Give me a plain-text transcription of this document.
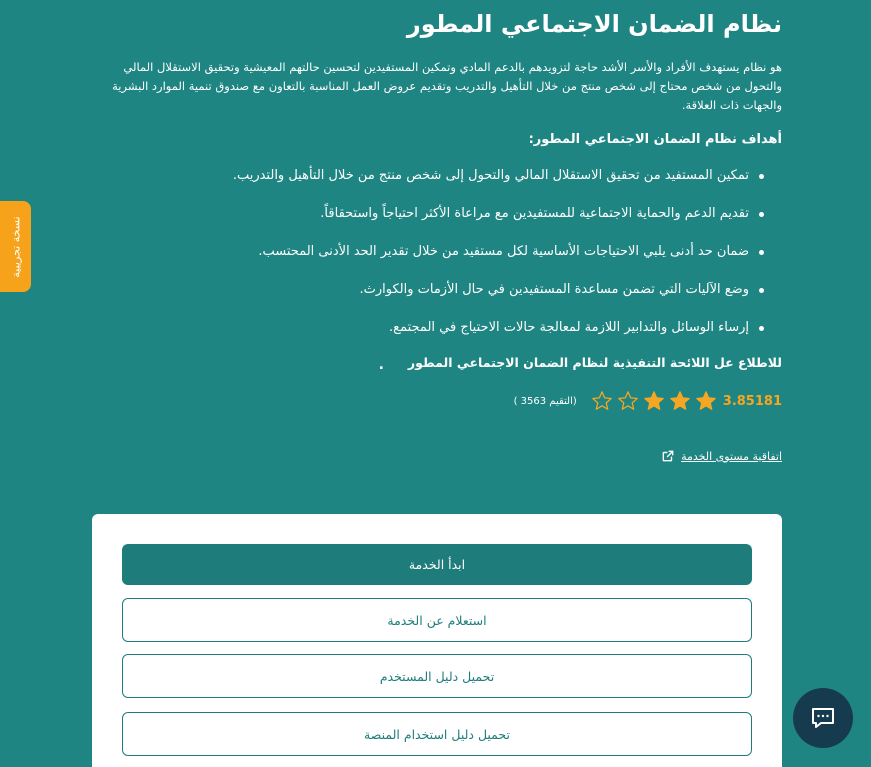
نسخة تجريبية
نظام الضمان الاجتماعي المطور

هو نظام يستهدف الأفراد والأسر الأشد حاجة لتزويدهم بالدعم المادي وتمكين المستفيدين لتحسين حالتهم المعيشية وتحقيق الاستقلال المالي والتحول من شخص محتاج إلى شخص منتج من خلال التأهيل والتدريب وتقديم عروض العمل المناسبة بالتعاون مع صندوق تنمية الموارد البشرية والجهات ذات العلاقة.

أهداف نظام الضمان الاجتماعي المطور:
تمكين المستفيد من تحقيق الاستقلال المالي والتحول إلى شخص منتج من خلال التأهيل والتدريب.
تقديم الدعم والحماية الاجتماعية للمستفيدين مع مراعاة الأكثر احتياجاً واستحقاقاً.
ضمان حد أدنى يلبي الاحتياجات الأساسية لكل مستفيد من خلال تقدير الحد الأدنى المحتسب.
وضع الآليات التي تضمن مساعدة المستفيدين في حال الأزمات والكوارث.
إرساء الوسائل والتدابير اللازمة لمعالجة حالات الاحتياج في المجتمع.
للاطلاع عل اللائحة التنفيذية لنظام الضمان الاجتماعي المطور
.
3.85181
(التقيم 3563 )
اتفاقية مستوى الخدمة
ابدأ الخدمة
استعلام عن الخدمة
تحميل دليل المستخدم
تحميل دليل استخدام المنصة
